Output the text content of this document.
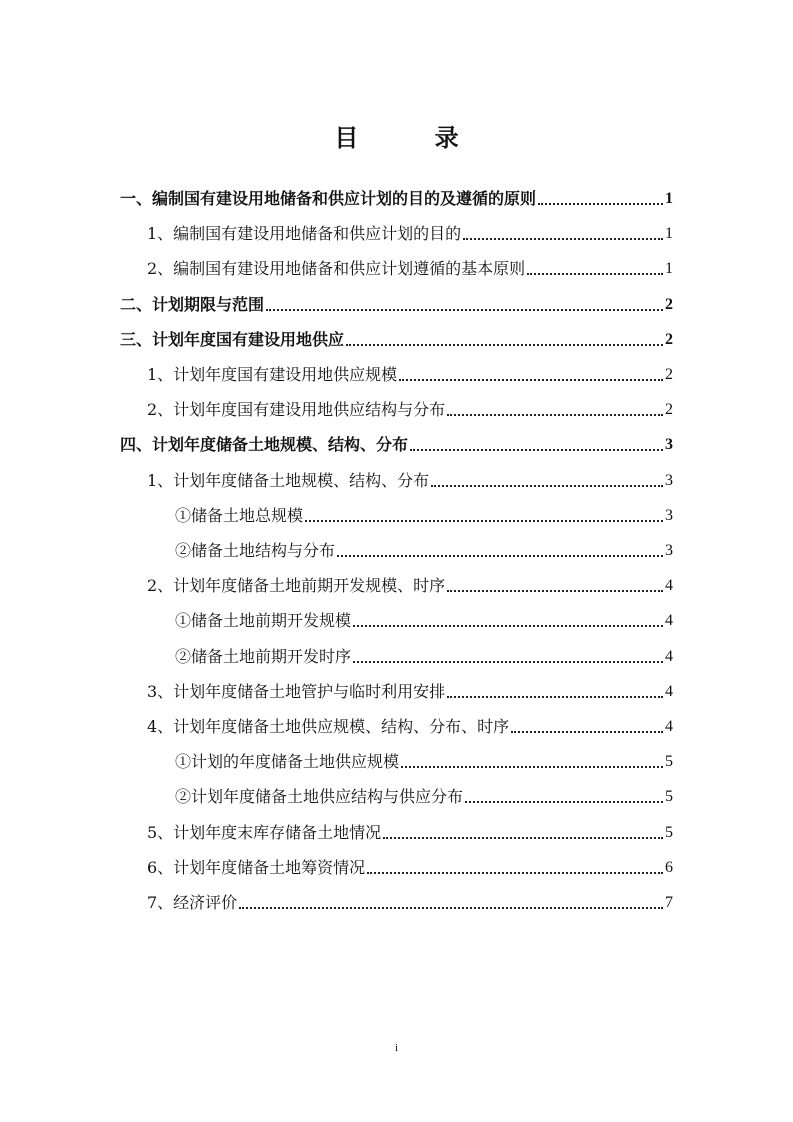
目 录
一、编制国有建设用地储备和供应计划的目的及遵循的原则	1
1、编制国有建设用地储备和供应计划的目的	1
2、编制国有建设用地储备和供应计划遵循的基本原则	1
二、计划期限与范围	2
三、计划年度国有建设用地供应	2
1、计划年度国有建设用地供应规模	2
2、计划年度国有建设用地供应结构与分布	2
四、计划年度储备土地规模、结构、分布	3
1、计划年度储备土地规模、结构、分布	3
①储备土地总规模	3
②储备土地结构与分布	3
2、计划年度储备土地前期开发规模、时序	4
①储备土地前期开发规模	4
②储备土地前期开发时序	4
3、计划年度储备土地管护与临时利用安排	4
4、计划年度储备土地供应规模、结构、分布、时序	4
①计划的年度储备土地供应规模	5
②计划年度储备土地供应结构与供应分布	5
5、计划年度末库存储备土地情况	5
6、计划年度储备土地筹资情况	6
7、经济评价	7
i
